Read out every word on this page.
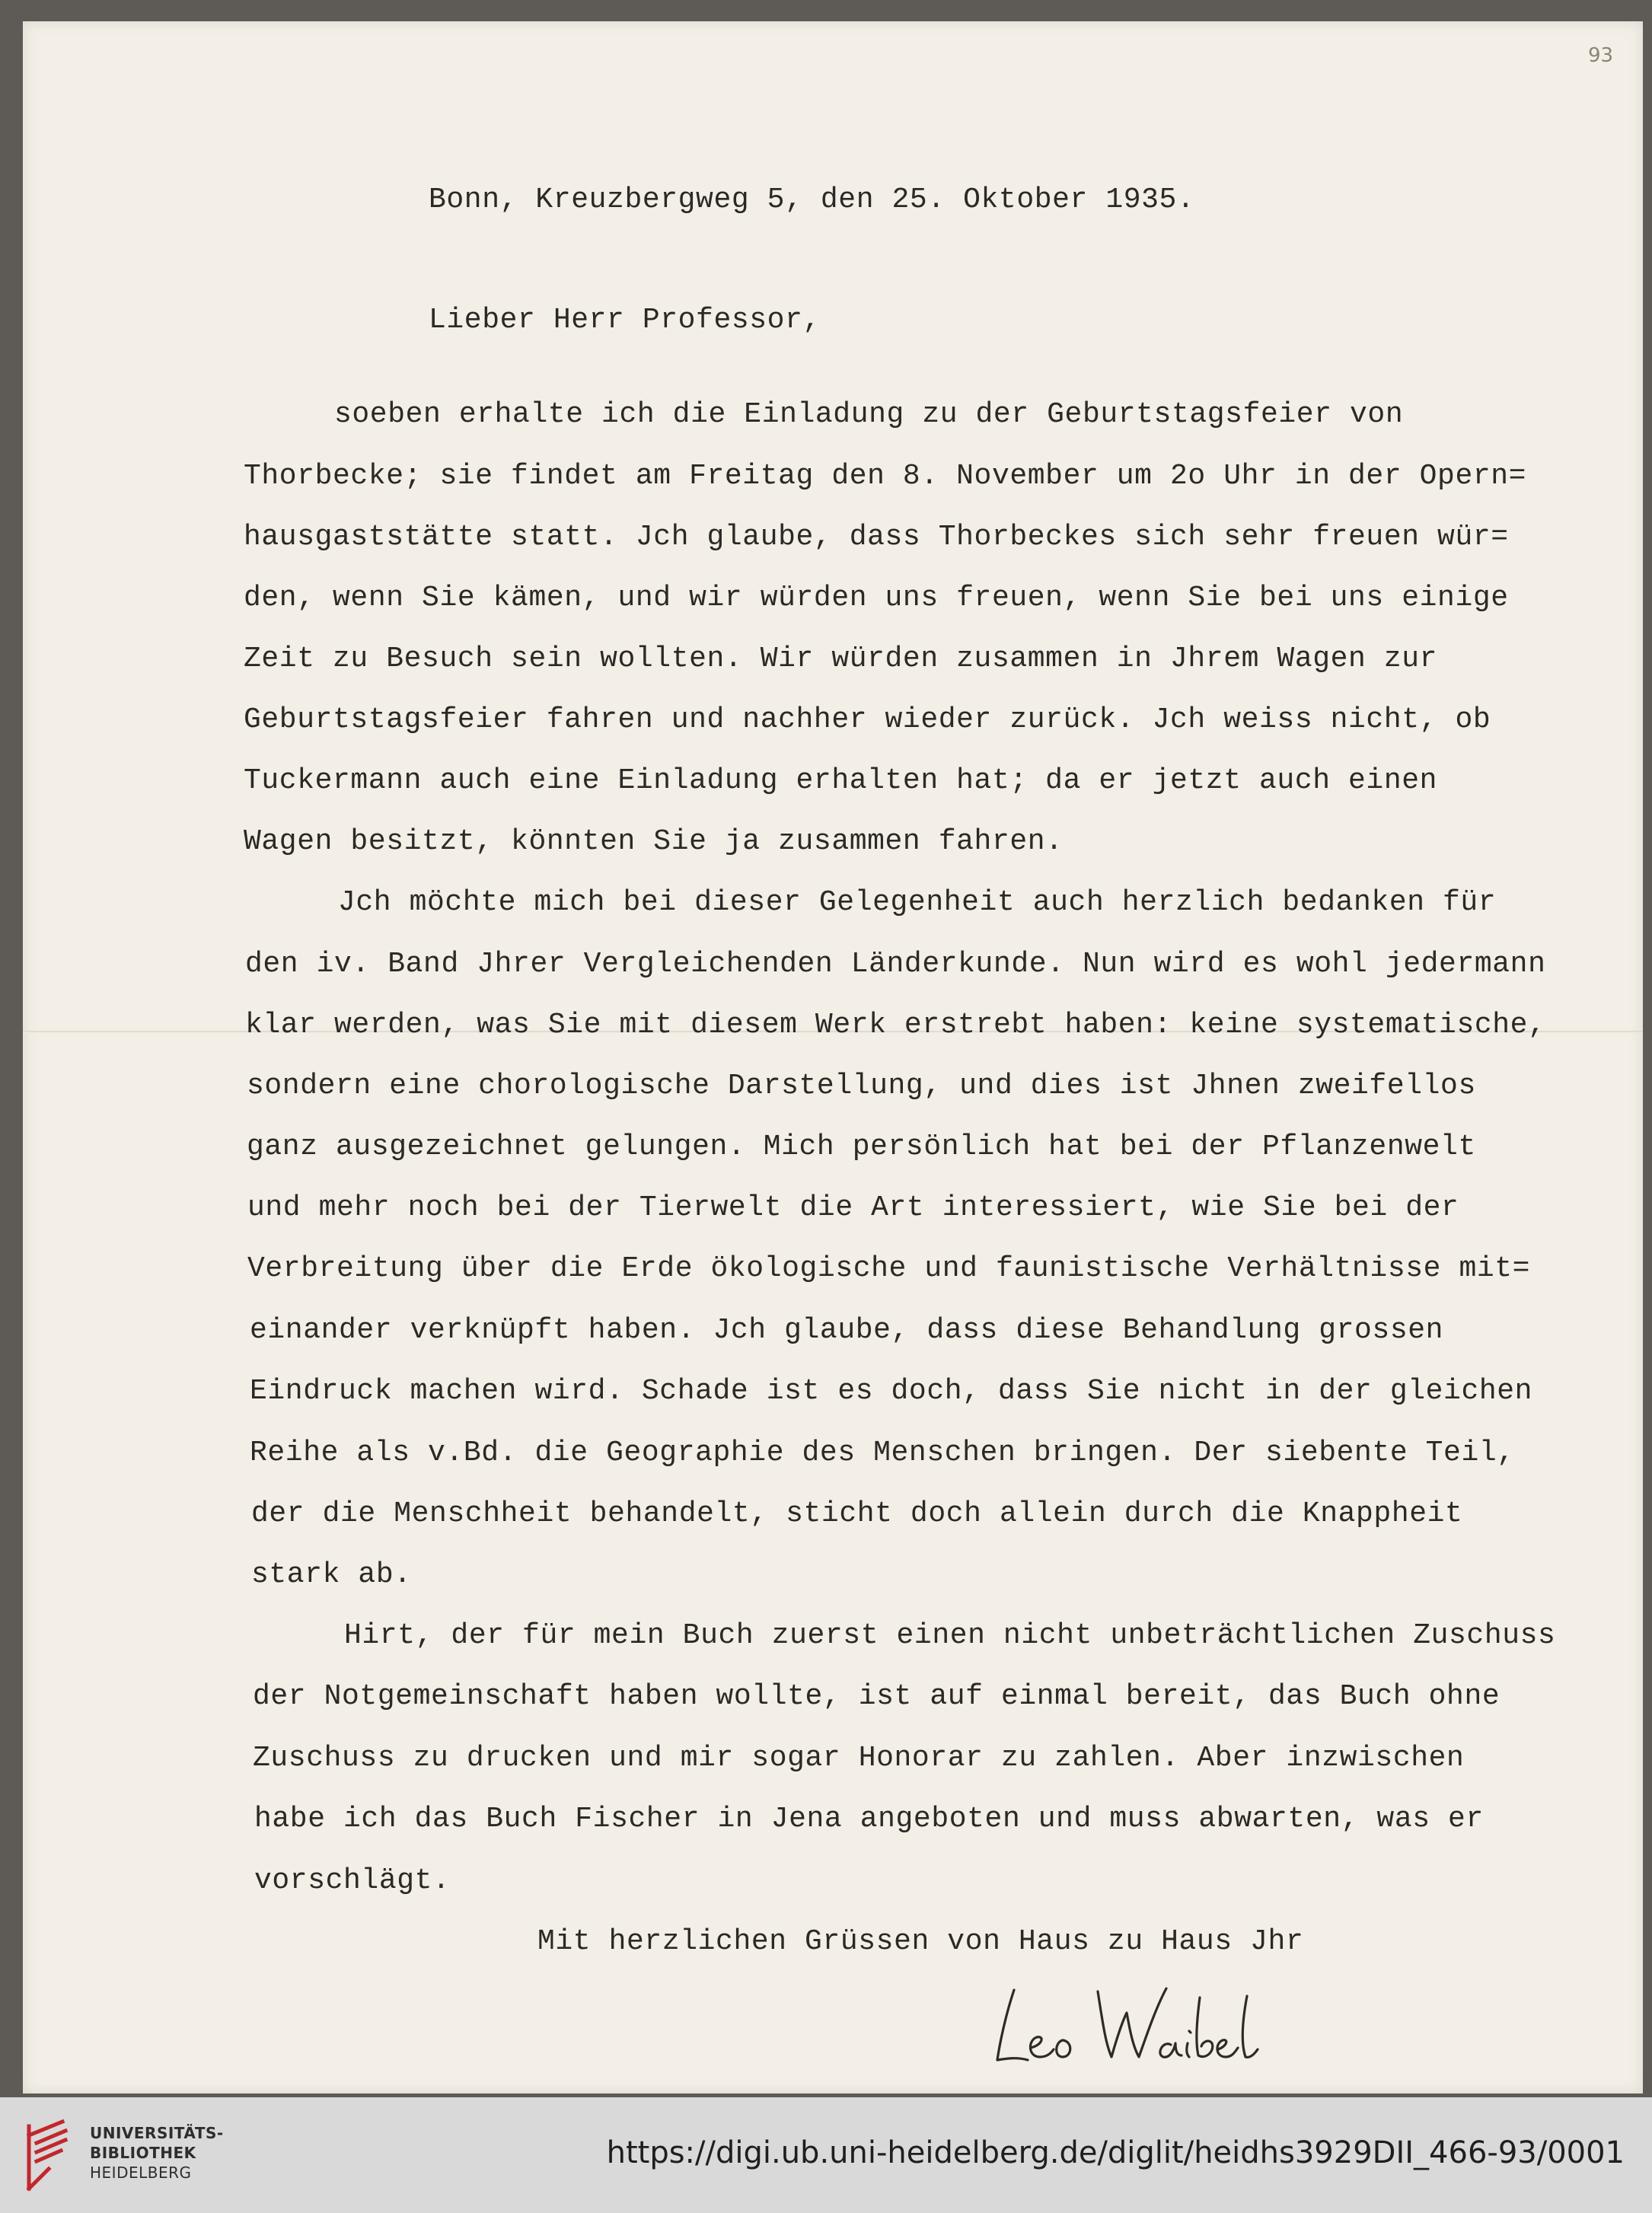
93
Bonn, Kreuzbergweg 5, den 25. Oktober 1935.
Lieber Herr Professor,
soeben erhalte ich die Einladung zu der Geburtstagsfeier von
Thorbecke; sie findet am Freitag den 8. November um 2o Uhr in der Opern=
hausgaststätte statt. Jch glaube, dass Thorbeckes sich sehr freuen wür=
den, wenn Sie kämen, und wir würden uns freuen, wenn Sie bei uns einige
Zeit zu Besuch sein wollten. Wir würden zusammen in Jhrem Wagen zur
Geburtstagsfeier fahren und nachher wieder zurück. Jch weiss nicht, ob
Tuckermann auch eine Einladung erhalten hat; da er jetzt auch einen
Wagen besitzt, könnten Sie ja zusammen fahren.
Jch möchte mich bei dieser Gelegenheit auch herzlich bedanken für
den iv. Band Jhrer Vergleichenden Länderkunde. Nun wird es wohl jedermann
klar werden, was Sie mit diesem Werk erstrebt haben: keine systematische,
sondern eine chorologische Darstellung, und dies ist Jhnen zweifellos
ganz ausgezeichnet gelungen. Mich persönlich hat bei der Pflanzenwelt
und mehr noch bei der Tierwelt die Art interessiert, wie Sie bei der
Verbreitung über die Erde ökologische und faunistische Verhältnisse mit=
einander verknüpft haben. Jch glaube, dass diese Behandlung grossen
Eindruck machen wird. Schade ist es doch, dass Sie nicht in der gleichen
Reihe als v.Bd. die Geographie des Menschen bringen. Der siebente Teil,
der die Menschheit behandelt, sticht doch allein durch die Knappheit
stark ab.
Hirt, der für mein Buch zuerst einen nicht unbeträchtlichen Zuschuss
der Notgemeinschaft haben wollte, ist auf einmal bereit, das Buch ohne
Zuschuss zu drucken und mir sogar Honorar zu zahlen. Aber inzwischen
habe ich das Buch Fischer in Jena angeboten und muss abwarten, was er
vorschlägt.
Mit herzlichen Grüssen von Haus zu Haus Jhr
UNIVERSITÄTS-
BIBLIOTHEK
HEIDELBERG
https://digi.ub.uni-heidelberg.de/diglit/heidhs3929DII_466-93/0001
